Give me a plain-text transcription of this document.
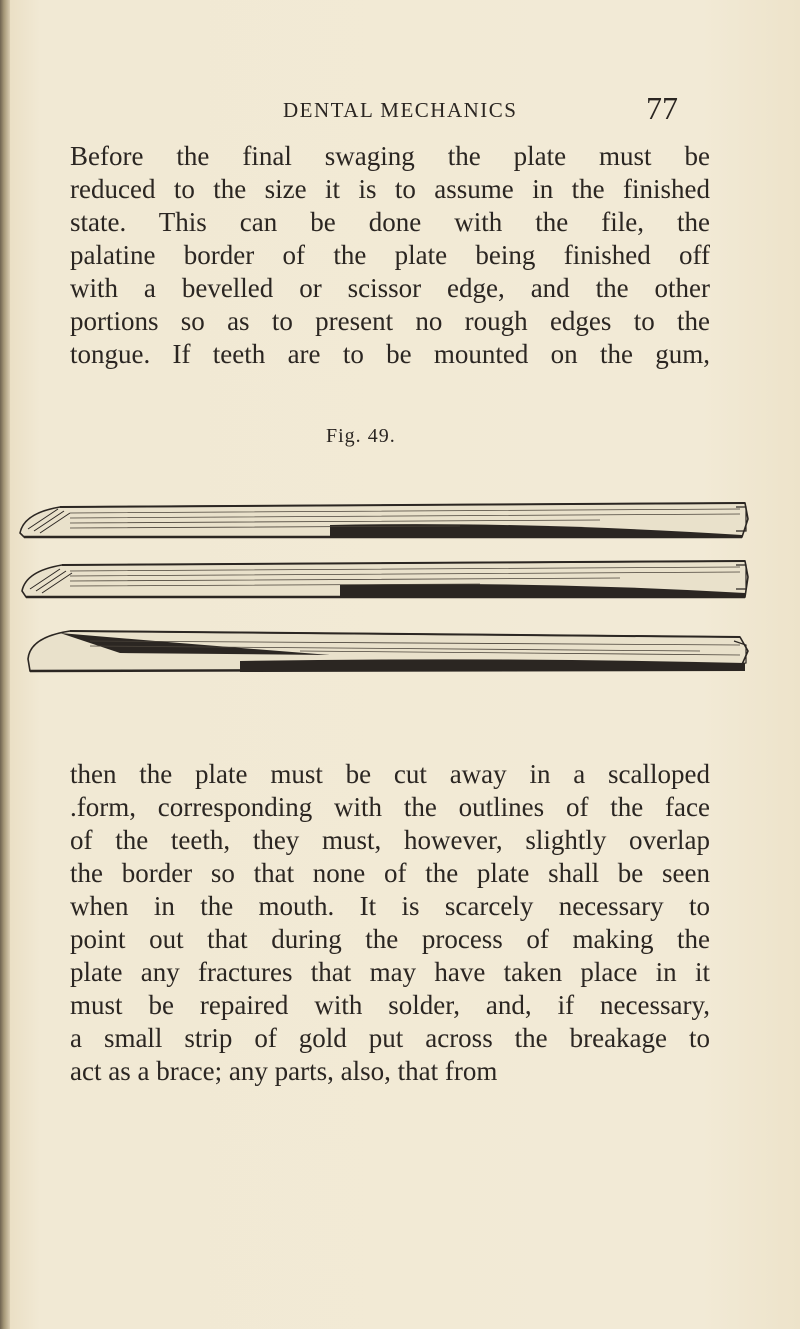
DENTAL MECHANICS	77
Before the final swaging the plate must be
reduced to the size it is to assume in the finished
state. This can be done with the file, the
palatine border of the plate being finished off
with a bevelled or scissor edge, and the other
portions so as to present no rough edges to the
tongue. If teeth are to be mounted on the gum,

Fig. 49.

then the plate must be cut away in a scalloped
.form, corresponding with the outlines of the face
of the teeth, they must, however, slightly overlap
the border so that none of the plate shall be seen
when in the mouth. It is scarcely necessary to
point out that during the process of making the
plate any fractures that may have taken place in it
must be repaired with solder, and, if necessary,
a small strip of gold put across the breakage to
act as a brace; any parts, also, that from
